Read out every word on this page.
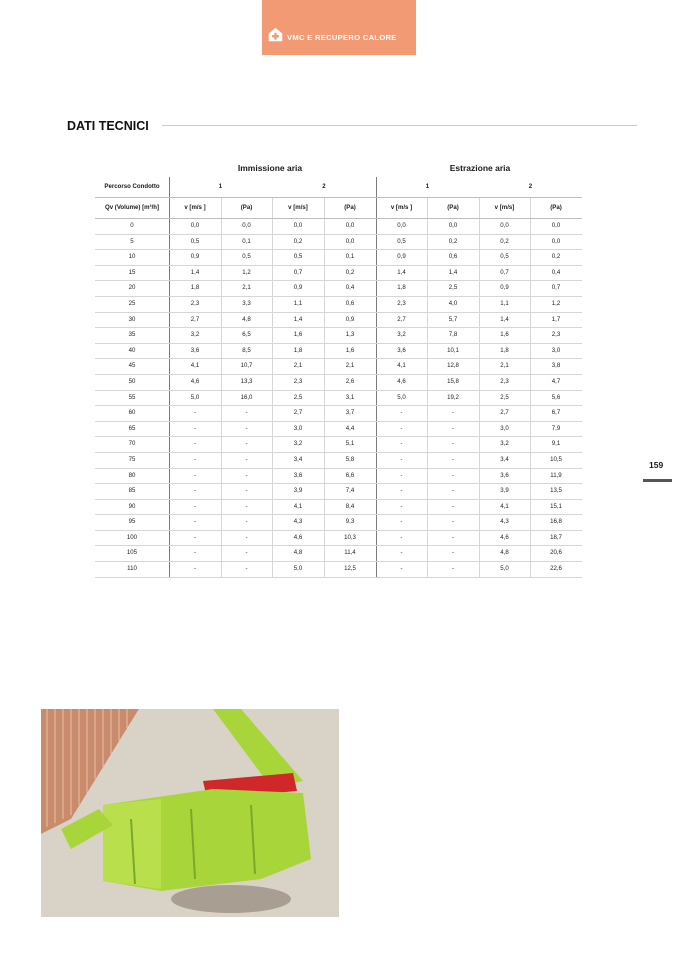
VMC E RECUPERO CALORE
DATI TECNICI
Immissione aria	Estrazione aria
Percorso Condotto	1	2	1	2
Qv (Volume) [m³/h]	v [m/s ]	(Pa)	v [m/s]	(Pa)	v [m/s ]	(Pa)	v [m/s]	(Pa)
0	0,0	0,0	0,0	0,0	0,0	0,0	0,0	0,0
5	0,5	0,1	0,2	0,0	0,5	0,2	0,2	0,0
10	0,9	0,5	0,5	0,1	0,9	0,6	0,5	0,2
15	1,4	1,2	0,7	0,2	1,4	1,4	0,7	0,4
20	1,8	2,1	0,9	0,4	1,8	2,5	0,9	0,7
25	2,3	3,3	1,1	0,6	2,3	4,0	1,1	1,2
30	2,7	4,8	1,4	0,9	2,7	5,7	1,4	1,7
35	3,2	6,5	1,6	1,3	3,2	7,8	1,6	2,3
40	3,6	8,5	1,8	1,6	3,6	10,1	1,8	3,0
45	4,1	10,7	2,1	2,1	4,1	12,8	2,1	3,8
50	4,6	13,3	2,3	2,6	4,6	15,8	2,3	4,7
55	5,0	16,0	2,5	3,1	5,0	19,2	2,5	5,6
60	-	-	2,7	3,7	-	-	2,7	6,7
65	-	-	3,0	4,4	-	-	3,0	7,9
70	-	-	3,2	5,1	-	-	3,2	9,1
75	-	-	3,4	5,8	-	-	3,4	10,5
80	-	-	3,6	6,6	-	-	3,6	11,9
85	-	-	3,9	7,4	-	-	3,9	13,5
90	-	-	4,1	8,4	-	-	4,1	15,1
95	-	-	4,3	9,3	-	-	4,3	16,8
100	-	-	4,6	10,3	-	-	4,6	18,7
105	-	-	4,8	11,4	-	-	4,8	20,6
110	-	-	5,0	12,5	-	-	5,0	22,6
159
